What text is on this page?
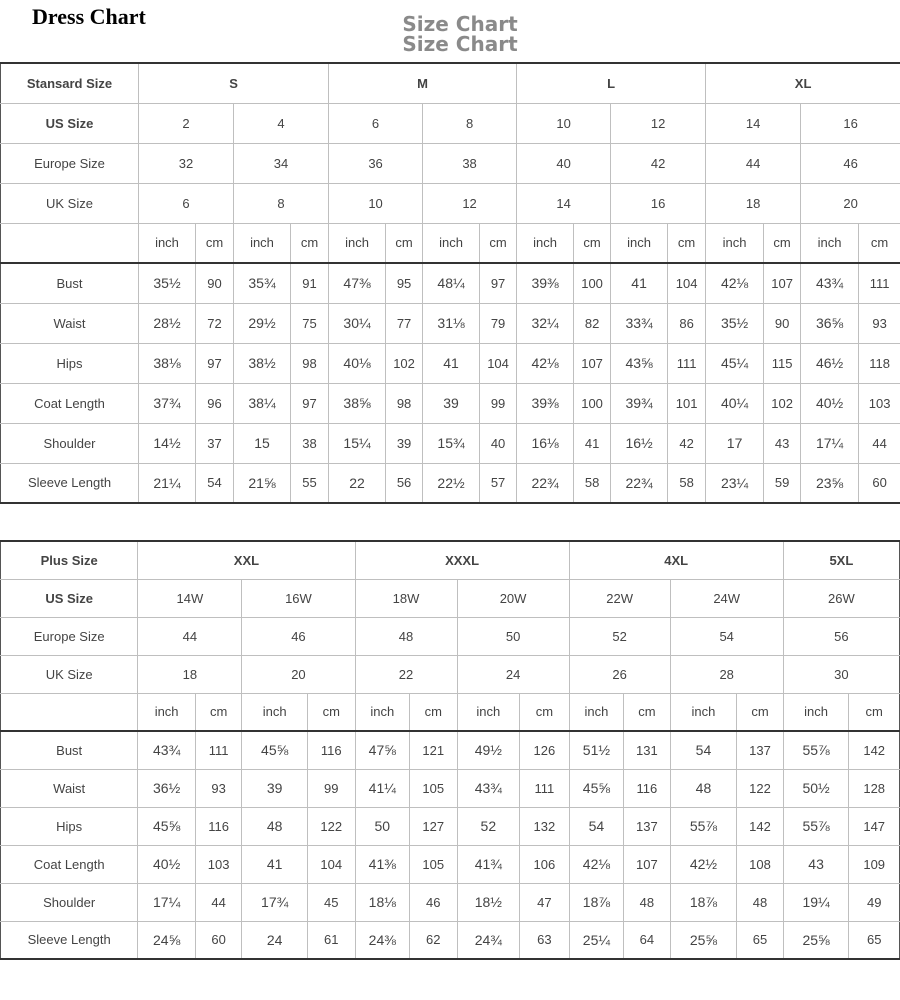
Dress Chart	Size Chart
Size Chart
Stansard Size	S				M				L				XL			
US Size	2		4		6		8		10		12		14		16	
Europe Size	32		34		36		38		40		42		44		46	
UK Size	6		8		10		12		14		16		18		20	
	inch	cm	inch	cm	inch	cm	inch	cm	inch	cm	inch	cm	inch	cm	inch	cm
Bust	35½	90	35¾	91	47⅜	95	48¼	97	39⅜	100	41	104	42⅛	107	43¾	111
Waist	28½	72	29½	75	30¼	77	31⅛	79	32¼	82	33¾	86	35½	90	36⅝	93
Hips	38⅛	97	38½	98	40⅛	102	41	104	42⅛	107	43⅝	111	45¼	115	46½	118
Coat Length	37¾	96	38¼	97	38⅝	98	39	99	39⅜	100	39¾	101	40¼	102	40½	103
Shoulder	14½	37	15	38	15¼	39	15¾	40	16⅛	41	16½	42	17	43	17¼	44
Sleeve Length	21¼	54	21⅝	55	22	56	22½	57	22¾	58	22¾	58	23¼	59	23⅝	60
Plus Size	XXL				XXXL				4XL				5XL	
US Size	14W		16W		18W		20W		22W		24W		26W	
Europe Size	44		46		48		50		52		54		56	
UK Size	18		20		22		24		26		28		30	
	inch	cm	inch	cm	inch	cm	inch	cm	inch	cm	inch	cm	inch	cm
Bust	43¾	111	45⅝	116	47⅝	121	49½	126	51½	131	54	137	55⅞	142
Waist	36½	93	39	99	41¼	105	43¾	111	45⅝	116	48	122	50½	128
Hips	45⅝	116	48	122	50	127	52	132	54	137	55⅞	142	55⅞	147
Coat Length	40½	103	41	104	41⅜	105	41¾	106	42⅛	107	42½	108	43	109
Shoulder	17¼	44	17¾	45	18⅛	46	18½	47	18⅞	48	18⅞	48	19¼	49
Sleeve Length	24⅝	60	24	61	24⅜	62	24¾	63	25¼	64	25⅝	65	25⅝	65
